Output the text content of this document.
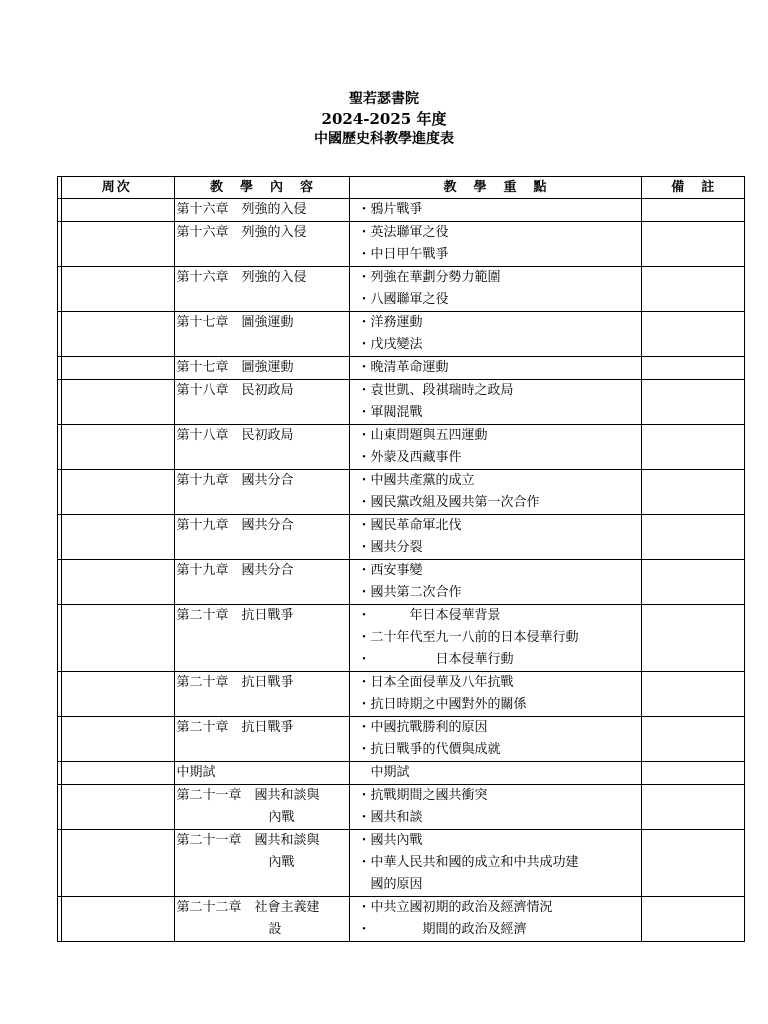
聖若瑟書院
2024-2025 年度
中國歷史科教學進度表
周次	教　學　內　容	教　學　重　點	備　註

	第十六章　列強的入侵	・鴉片戰爭	

	第十六章　列強的入侵	・英法聯軍之役
・中日甲午戰爭	

	第十六章　列強的入侵	・列強在華劃分勢力範圍
・八國聯軍之役	

	第十七章　圖強運動	・洋務運動
・戊戌變法	

	第十七章　圖強運動	・晚清革命運動	

	第十八章　民初政局	・袁世凱、段祺瑞時之政局
・軍閥混戰	

	第十八章　民初政局	・山東問題與五四運動
・外蒙及西藏事件	

	第十九章　國共分合	・中國共產黨的成立
・國民黨改組及國共第一次合作	

	第十九章　國共分合	・國民革命軍北伐
・國共分裂	

	第十九章　國共分合	・西安事變
・國共第二次合作	

	第二十章　抗日戰爭	・　　　年日本侵華背景
・二十年代至九一八前的日本侵華行動
・　　　　　日本侵華行動	

	第二十章　抗日戰爭	・日本全面侵華及八年抗戰
・抗日時期之中國對外的關係	

	第二十章　抗日戰爭	・中國抗戰勝利的原因
・抗日戰爭的代價與成就	

	中期試	　中期試	

	第二十一章　國共和談與
內戰	・抗戰期間之國共衝突
・國共和談	

	第二十一章　國共和談與
內戰	・國共內戰
・中華人民共和國的成立和中共成功建
　國的原因	

	第二十二章　社會主義建
設	・中共立國初期的政治及經濟情況
・　　　　期間的政治及經濟	
